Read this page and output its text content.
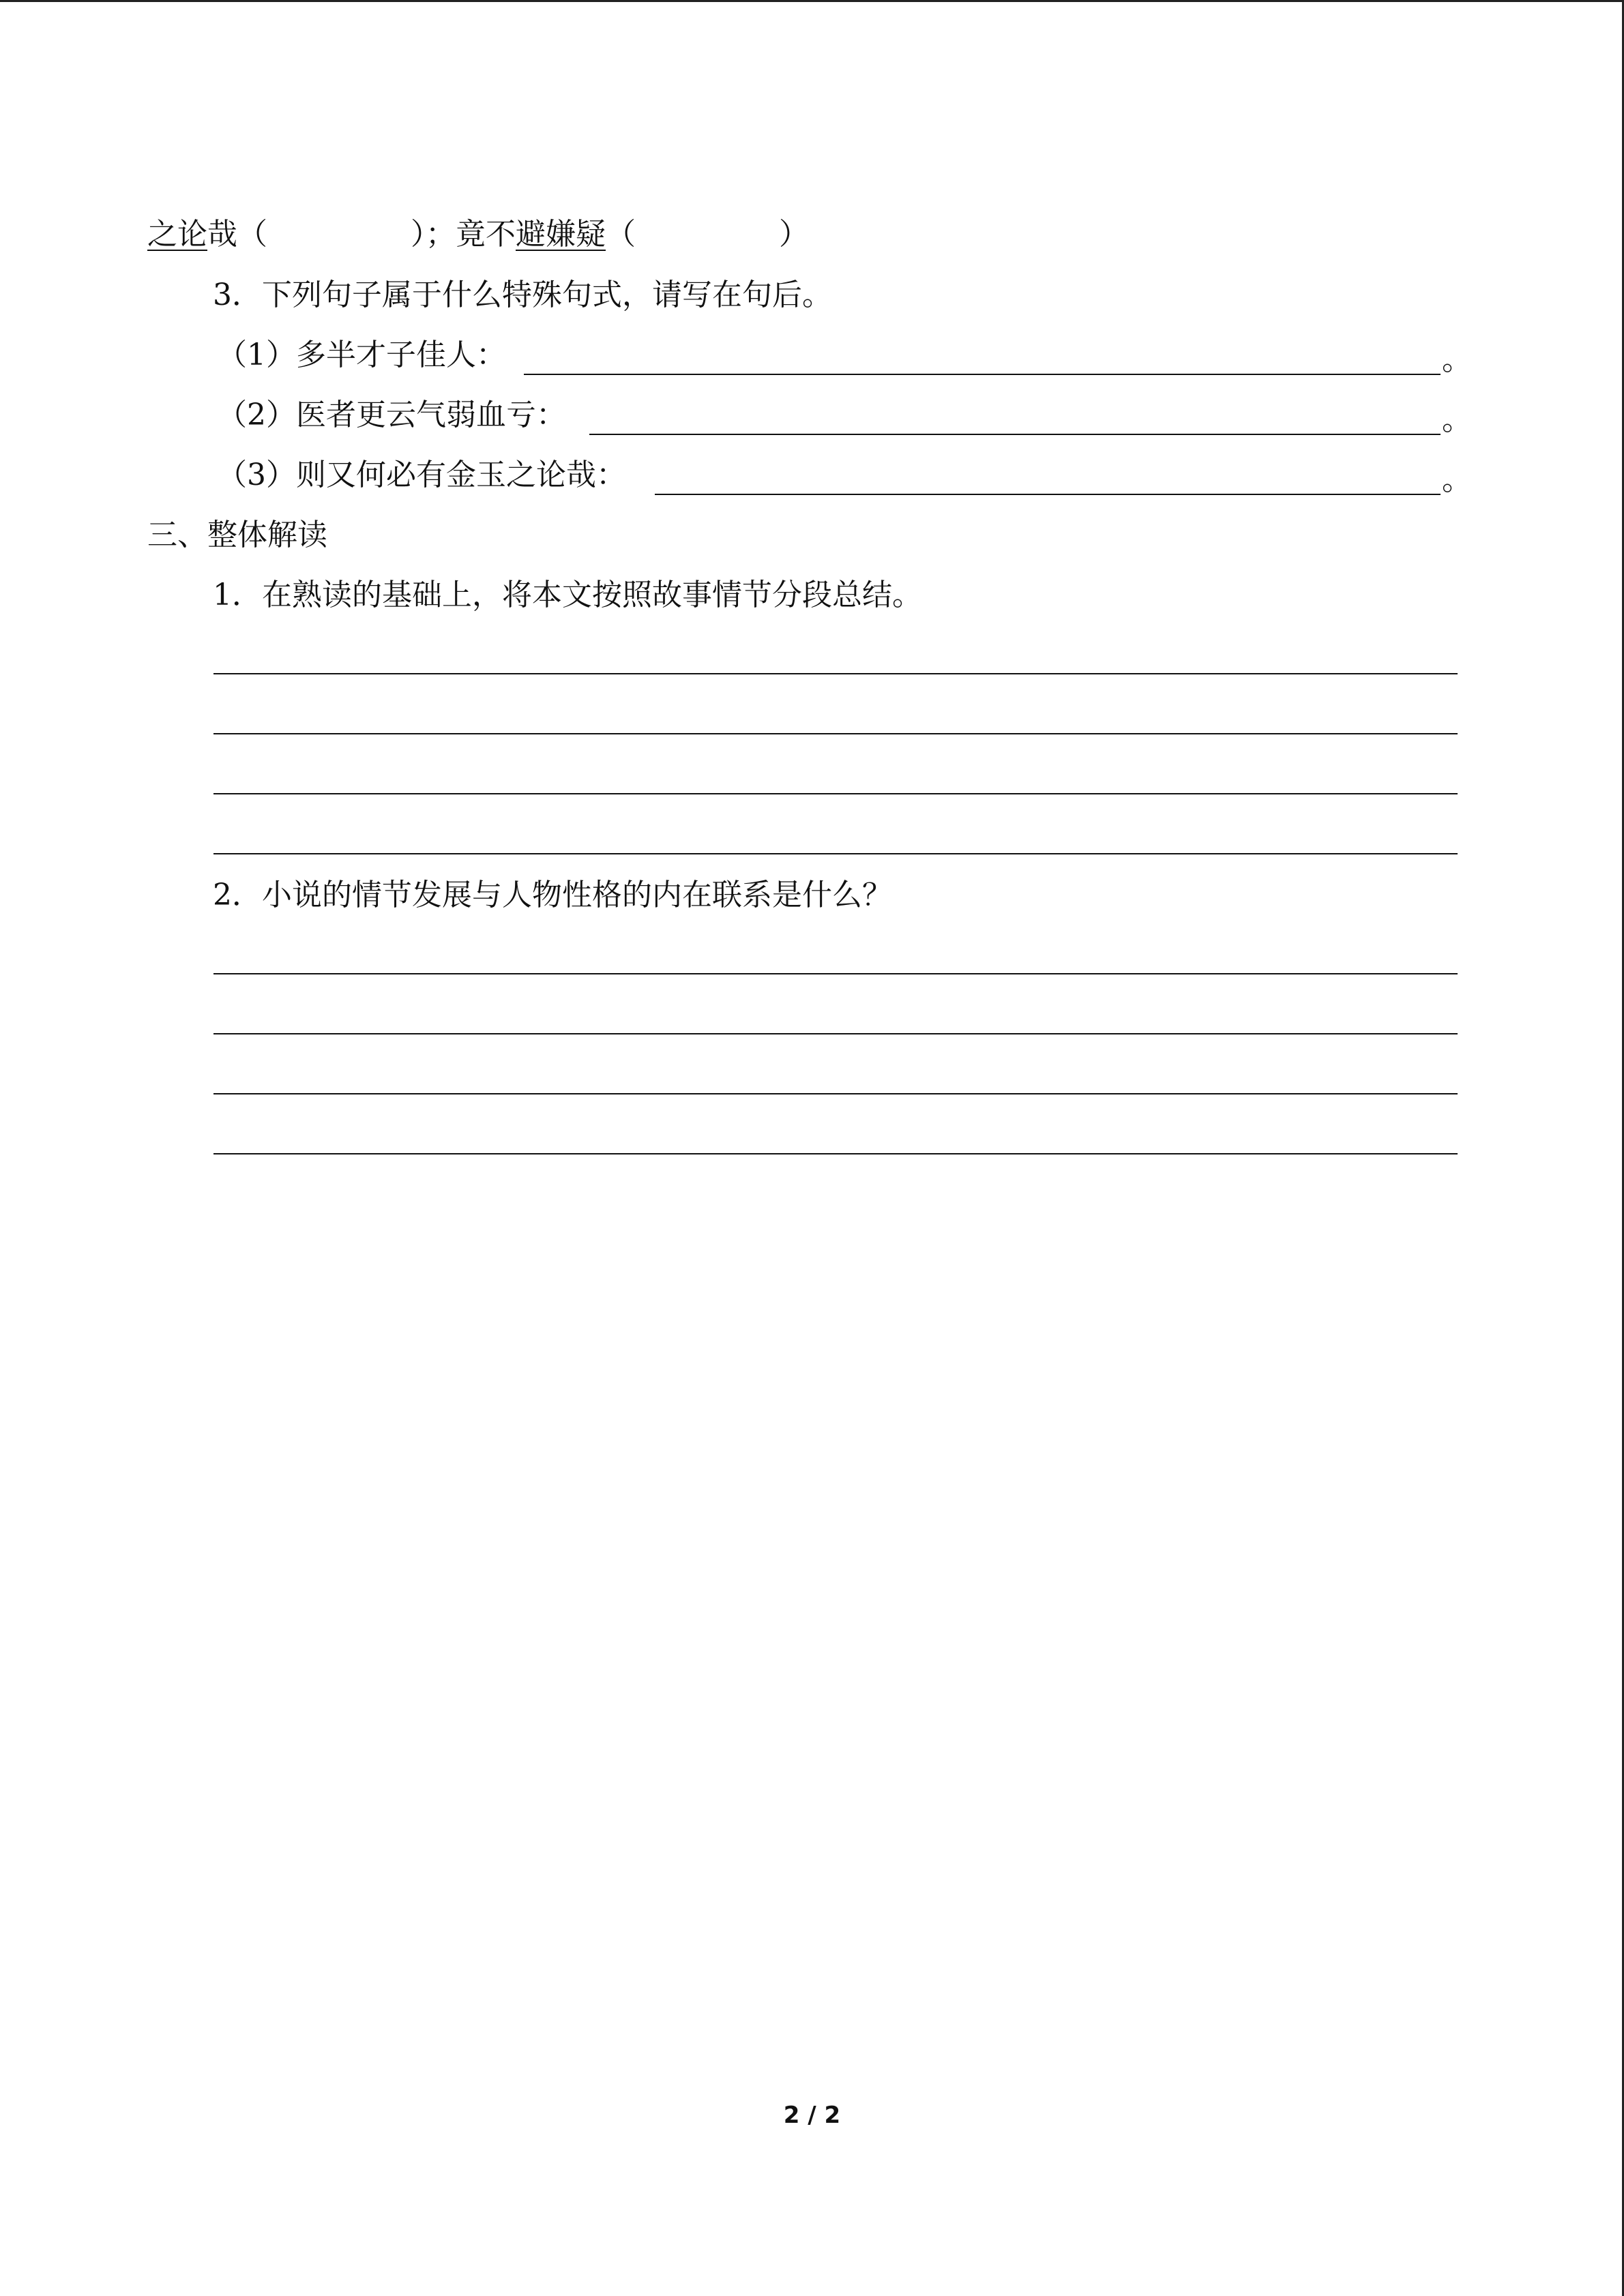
之论哉（	）；竟不避嫌疑（	）
3．下列句子属于什么特殊句式，请写在句后。
（1）多半才子佳人：	。
（2）医者更云气弱血亏：	。
（3）则又何必有金玉之论哉：	。
三、整体解读
1．在熟读的基础上，将本文按照故事情节分段总结。
2．小说的情节发展与人物性格的内在联系是什么？
2 / 2
